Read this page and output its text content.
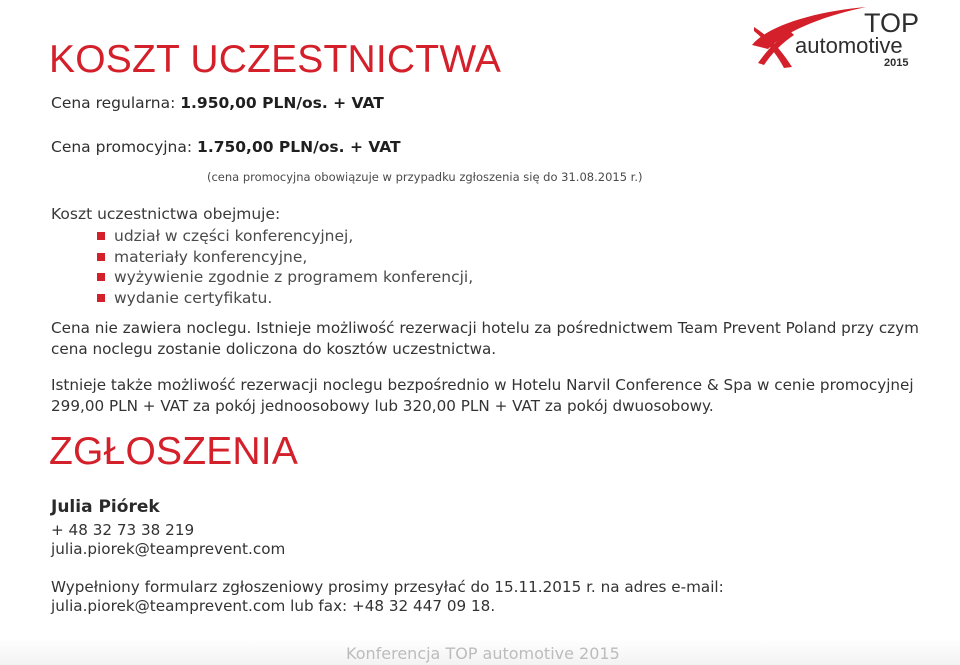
TOP
automotive
2015
KOSZT UCZESTNICTWA
Cena regularna: 1.950,00 PLN/os. + VAT
Cena promocyjna: 1.750,00 PLN/os. + VAT
(cena promocyjna obowiązuje w przypadku zgłoszenia się do 31.08.2015 r.)
Koszt uczestnictwa obejmuje:
udział w części konferencyjnej,
materiały konferencyjne,
wyżywienie zgodnie z programem konferencji,
wydanie certyfikatu.

Cena nie zawiera noclegu. Istnieje możliwość rezerwacji hotelu za pośrednictwem Team Prevent Poland przy czym cena noclegu zostanie doliczona do kosztów uczestnictwa.

Istnieje także możliwość rezerwacji noclegu bezpośrednio w Hotelu Narvil Conference & Spa w cenie promocyjnej 299,00 PLN + VAT za pokój jednoosobowy lub 320,00 PLN + VAT za pokój dwuosobowy.

ZGŁOSZENIA
Julia Piórek
+ 48 32 73 38 219
julia.piorek@teamprevent.com
Wypełniony formularz zgłoszeniowy prosimy przesyłać do 15.11.2015 r. na adres e-mail:
julia.piorek@teamprevent.com lub fax: +48 32 447 09 18.
Konferencja TOP automotive 2015
